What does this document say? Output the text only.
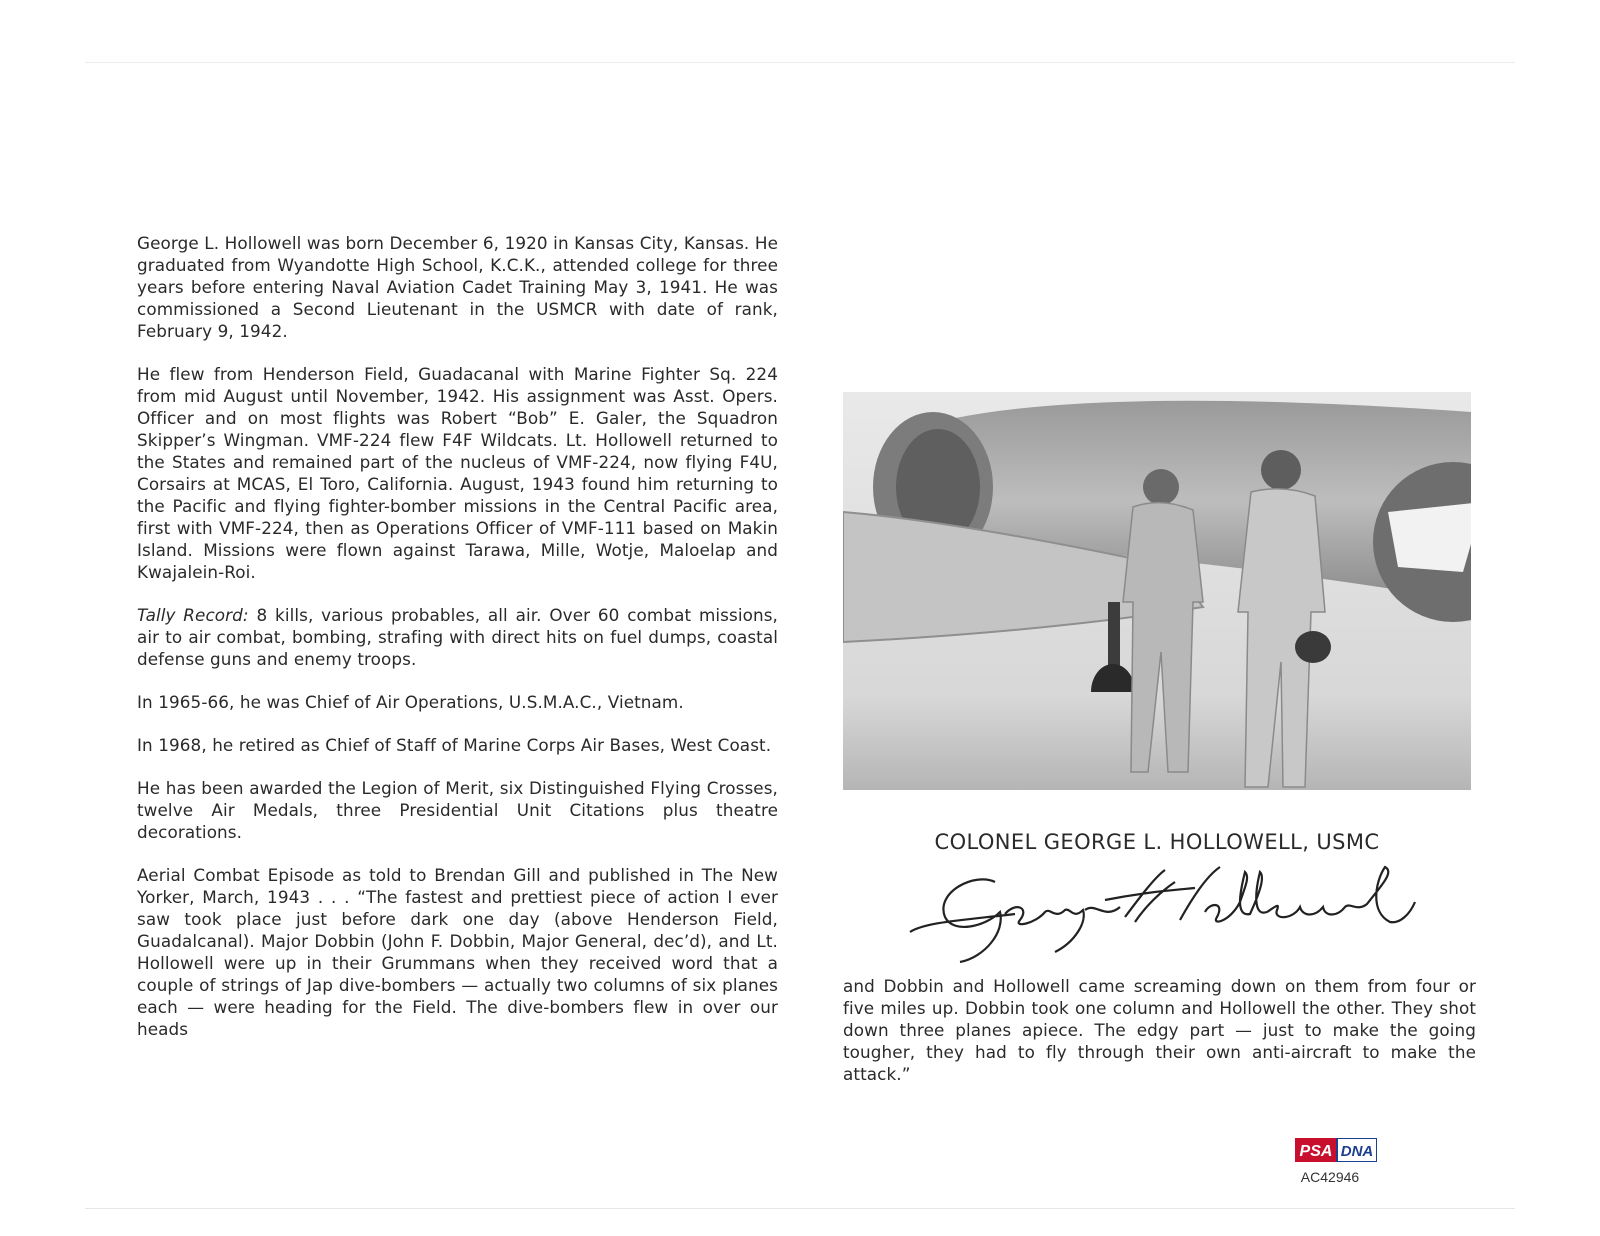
George L. Hollowell was born December 6, 1920 in Kansas City, Kansas. He graduated from Wyandotte High School, K.C.K., attended college for three years before entering Naval Aviation Cadet Training May 3, 1941. He was commissioned a Second Lieutenant in the USMCR with date of rank, February 9, 1942.

He flew from Henderson Field, Guadacanal with Marine Fighter Sq. 224 from mid August until November, 1942. His assignment was Asst. Opers. Officer and on most flights was Robert “Bob” E. Galer, the Squadron Skipper’s Wingman. VMF-224 flew F4F Wildcats. Lt. Hollowell returned to the States and remained part of the nucleus of VMF-224, now flying F4U, Corsairs at MCAS, El Toro, California. August, 1943 found him returning to the Pacific and flying fighter-bomber missions in the Central Pacific area, first with VMF-224, then as Operations Officer of VMF-111 based on Makin Island. Missions were flown against Tarawa, Mille, Wotje, Maloelap and Kwajalein-Roi.

Tally Record: 8 kills, various probables, all air. Over 60 combat missions, air to air combat, bombing, strafing with direct hits on fuel dumps, coastal defense guns and enemy troops.

In 1965-66, he was Chief of Air Operations, U.S.M.A.C., Vietnam.

In 1968, he retired as Chief of Staff of Marine Corps Air Bases, West Coast.

He has been awarded the Legion of Merit, six Distinguished Flying Crosses, twelve Air Medals, three Presidential Unit Citations plus theatre decorations.

Aerial Combat Episode as told to Brendan Gill and published in The New Yorker, March, 1943 . . . “The fastest and prettiest piece of action I ever saw took place just before dark one day (above Henderson Field, Guadalcanal). Major Dobbin (John F. Dobbin, Major General, dec’d), and Lt. Hollowell were up in their Grummans when they received word that a couple of strings of Jap dive-bombers — actually two columns of six planes each — were heading for the Field. The dive-bombers flew in over our heads

COLONEL GEORGE L. HOLLOWELL, USMC

and Dobbin and Hollowell came screaming down on them from four or five miles up. Dobbin took one column and Hollowell the other. They shot down three planes apiece. The edgy part — just to make the going tougher, they had to fly through their own anti-aircraft to make the attack.”

PSA DNA
AC42946
